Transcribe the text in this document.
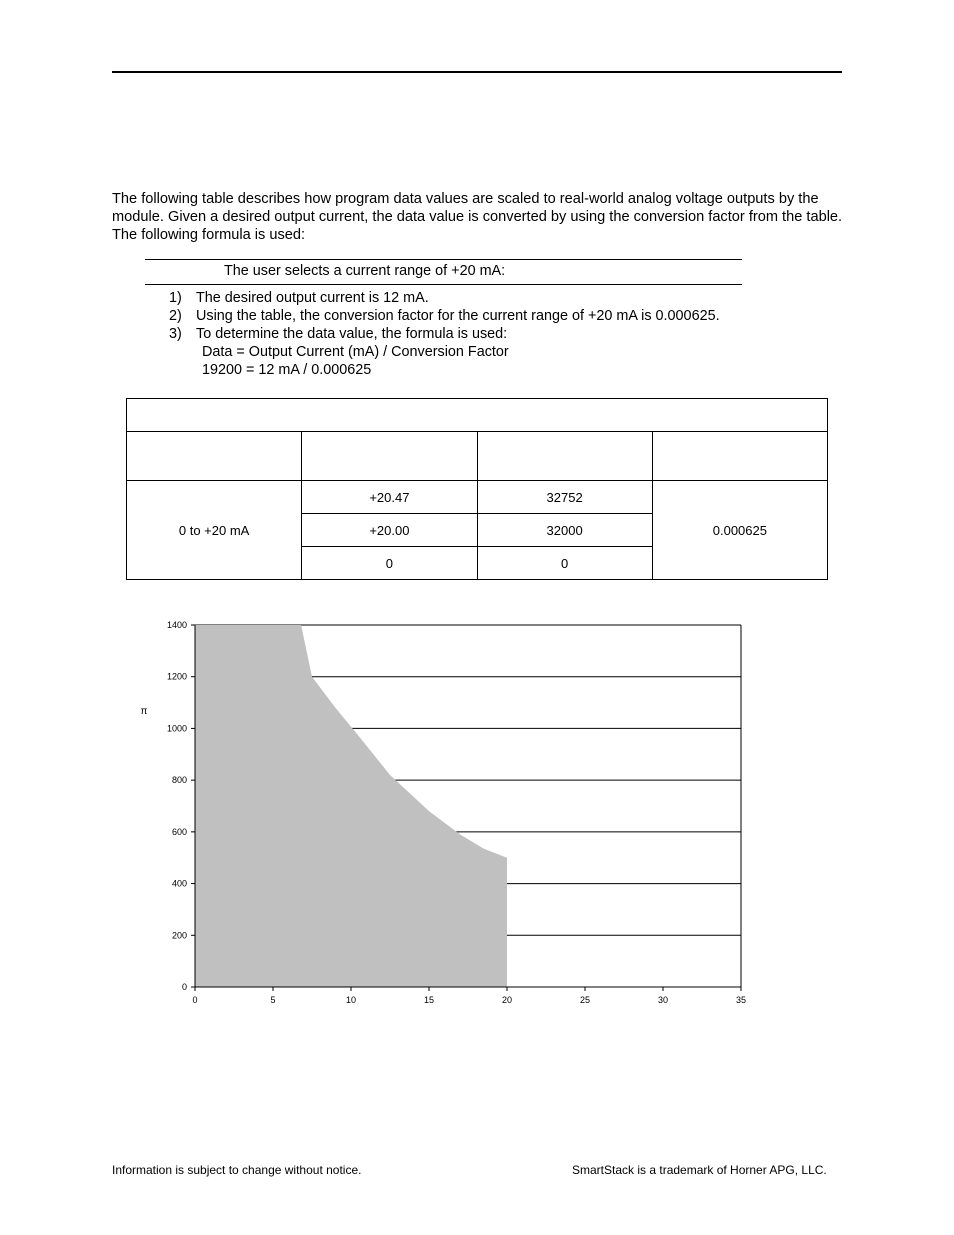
The following table describes how program data values are scaled to real-world analog voltage outputs by the module. Given a desired output current, the data value is converted by using the conversion factor from the table. The following formula is used:

The user selects a current range of +20 mA:
1) The desired output current is 12 mA.
2) Using the table, the conversion factor for the current range of +20 mA is 0.000625.
3) To determine the data value, the formula is used:
Data = Output Current (mA) / Conversion Factor
19200 = 12 mA / 0.000625

0 to +20 mA	+20.47	32752	0.000625
	+20.00	32000	
	0	0	
0
200
400
600
800
1000
1200
1400
0	5	10	15	20	25	30	35
π
Information is subject to change without notice.	SmartStack is a trademark of Horner APG, LLC.
